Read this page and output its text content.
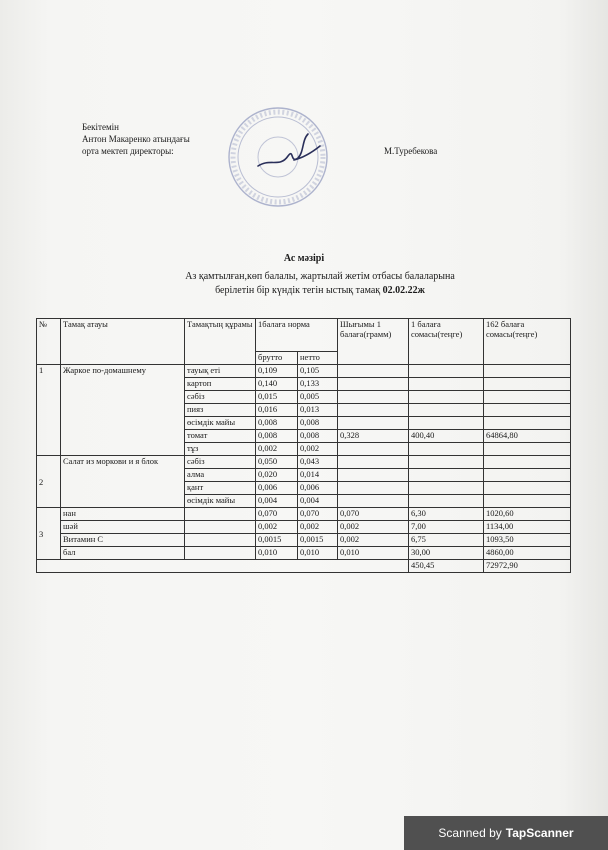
Бекітемін
Антон Макаренко атындағы
орта мектеп директоры:	М.Туребекова
Ас мәзірі
Аз қамтылған,көп балалы, жартылай жетім отбасы балаларына
берілетін бір күндік тегін ыстық тамақ 02.02.22ж
№	Тамақ атауы	Тамақтың құрамы	1балаға норма		Шығымы 1 балаға(грамм)	1 балаға сомасы(теңге)	162 балаға сомасы(теңге)
			брутто	нетто			
1	Жаркое по-домашнему	тауық еті	0,109	0,105			
		картоп	0,140	0,133			
		сәбіз	0,015	0,005			
		пияз	0,016	0,013			
		өсімдік майы	0,008	0,008			
		томат	0,008	0,008	0,328	400,40	64864,80
		тұз	0,002	0,002			
2	Салат из моркови и я блок	сәбіз	0,050	0,043			
		алма	0,020	0,014			
		қант	0,006	0,006			
		өсімдік майы	0,004	0,004			
3	нан		0,070	0,070	0,070	6,30	1020,60
	шәй		0,002	0,002	0,002	7,00	1134,00
	Витамин С		0,0015	0,0015	0,002	6,75	1093,50
	бал		0,010	0,010	0,010	30,00	4860,00
						450,45	72972,90
Scanned by TapScanner
